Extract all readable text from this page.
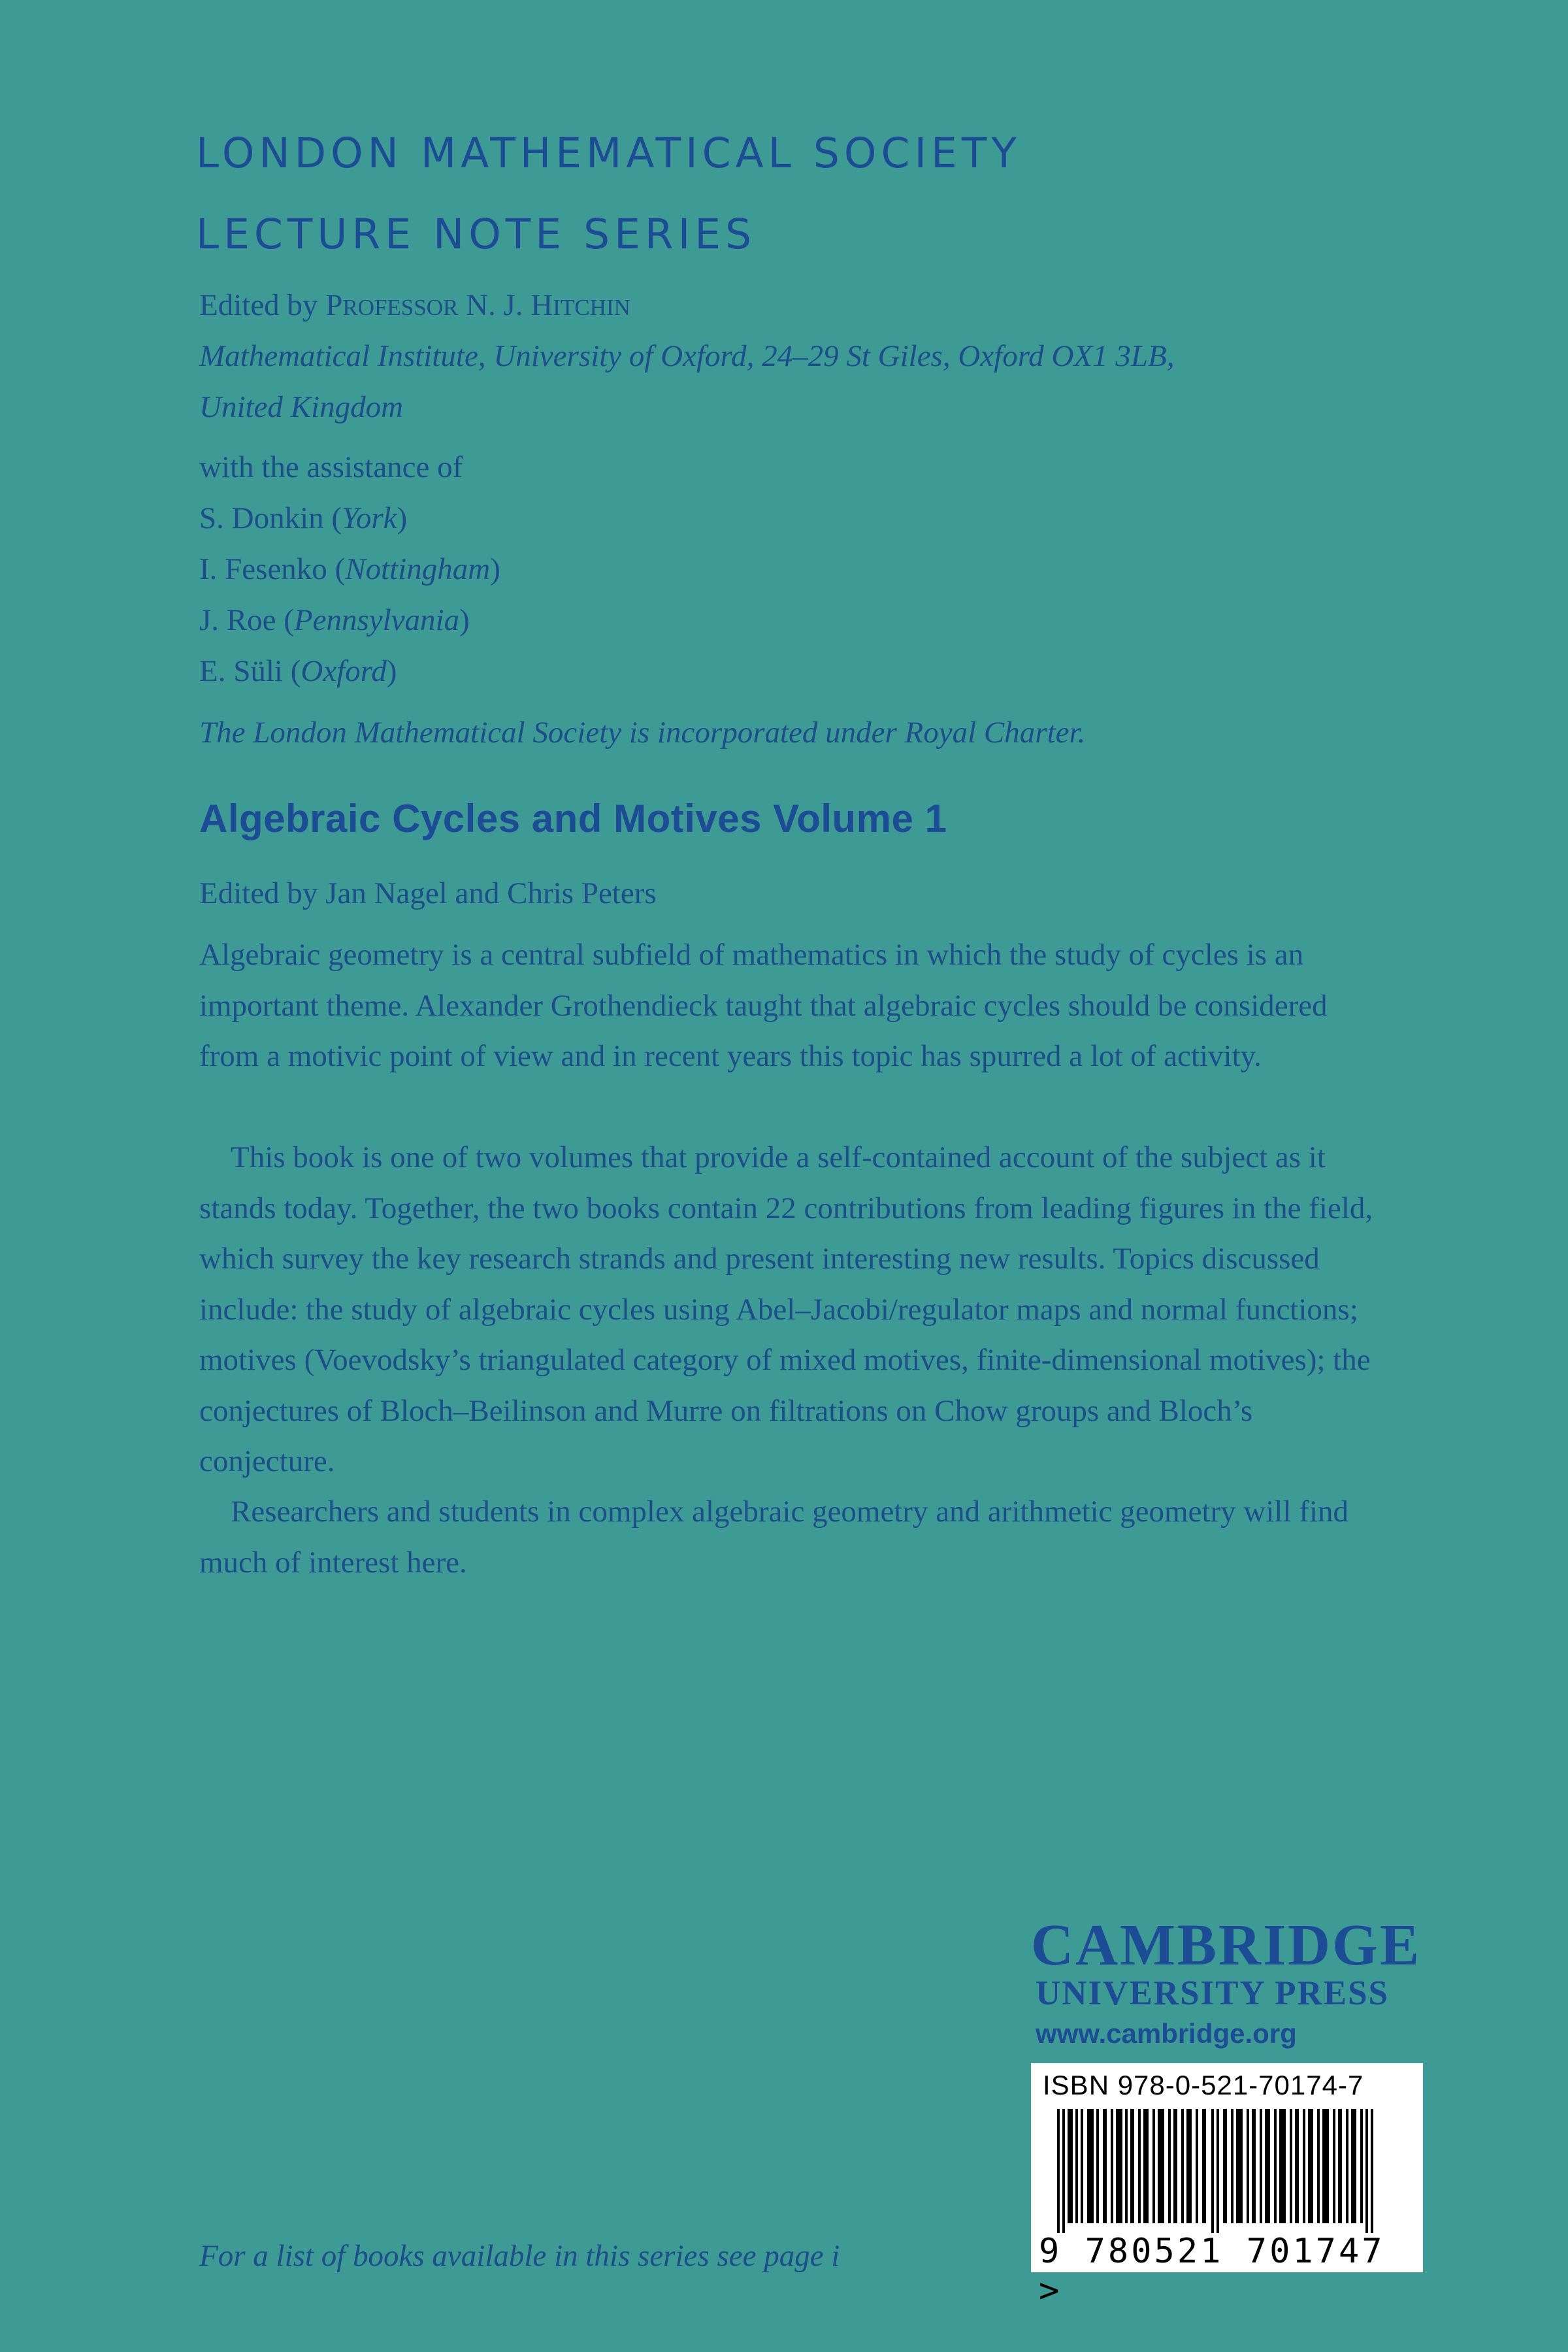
LONDON MATHEMATICAL SOCIETY
LECTURE NOTE SERIES
Edited by PROFESSOR N. J. HITCHIN
Mathematical Institute, University of Oxford, 24–29 St Giles, Oxford OX1 3LB,
United Kingdom
with the assistance of
S. Donkin (York)
I. Fesenko (Nottingham)
J. Roe (Pennsylvania)
E. Süli (Oxford)
The London Mathematical Society is incorporated under Royal Charter.
Algebraic Cycles and Motives Volume 1
Edited by Jan Nagel and Chris Peters
Algebraic geometry is a central subfield of mathematics in which the study of cycles is an important theme. Alexander Grothendieck taught that algebraic cycles should be considered from a motivic point of view and in recent years this topic has spurred a lot of activity.
This book is one of two volumes that provide a self-contained account of the subject as it stands today. Together, the two books contain 22 contributions from leading figures in the field, which survey the key research strands and present interesting new results. Topics discussed include: the study of algebraic cycles using Abel–Jacobi/regulator maps and normal functions; motives (Voevodsky’s triangulated category of mixed motives, finite-dimensional motives); the conjectures of Bloch–Beilinson and Murre on filtrations on Chow groups and Bloch’s conjecture.
Researchers and students in complex algebraic geometry and arithmetic geometry will find much of interest here.
CAMBRIDGE
UNIVERSITY PRESS
www.cambridge.org
ISBN 978-0-521-70174-7
9 780521 701747 >
For a list of books available in this series see page i
